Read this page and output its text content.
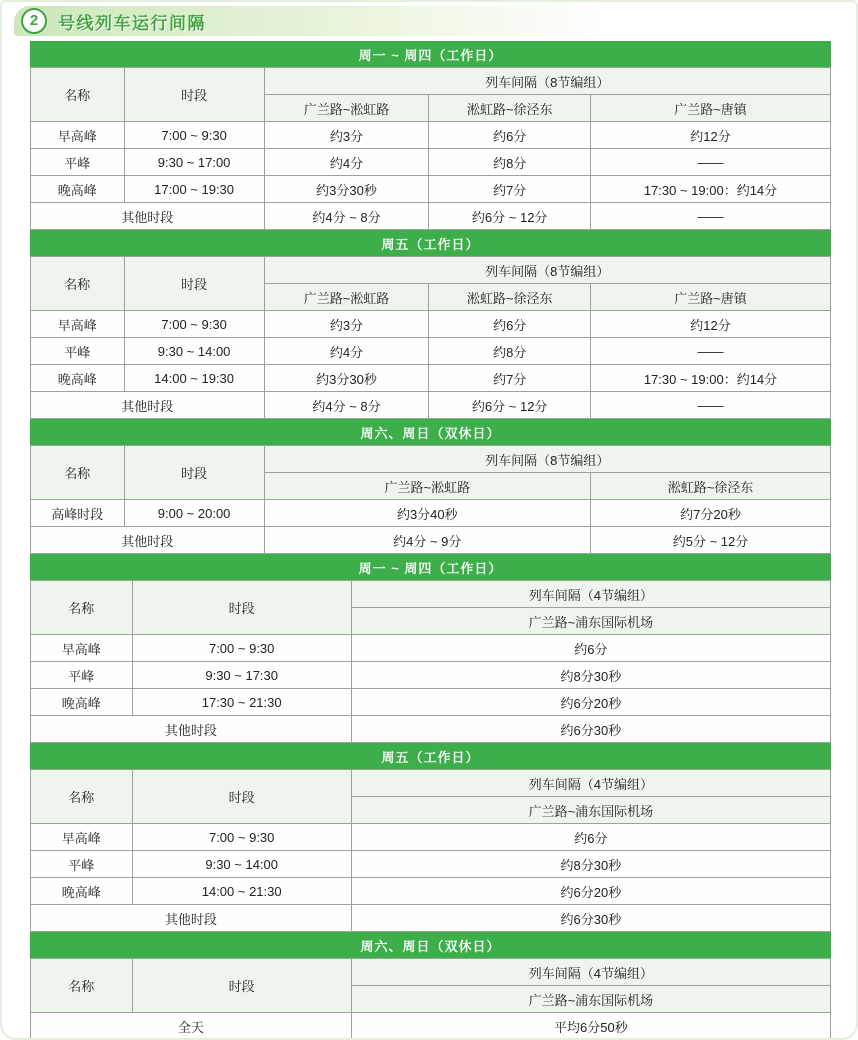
2	号线列车运行间隔
周一 ~ 周四（工作日）
名称	时段	列车间隔（8节编组）		
		广兰路~淞虹路	淞虹路~徐泾东	广兰路~唐镇
早高峰	7:00 ~ 9:30	约3分	约6分	约12分
平峰	9:30 ~ 17:00	约4分	约8分	——
晚高峰	17:00 ~ 19:30	约3分30秒	约7分	17:30 ~ 19:00：约14分
其他时段		约4分 ~ 8分	约6分 ~ 12分	——
周五（工作日）
名称	时段	列车间隔（8节编组）		
		广兰路~淞虹路	淞虹路~徐泾东	广兰路~唐镇
早高峰	7:00 ~ 9:30	约3分	约6分	约12分
平峰	9:30 ~ 14:00	约4分	约8分	——
晚高峰	14:00 ~ 19:30	约3分30秒	约7分	17:30 ~ 19:00：约14分
其他时段		约4分 ~ 8分	约6分 ~ 12分	——
周六、周日（双休日）
名称	时段	列车间隔（8节编组）	
		广兰路~淞虹路	淞虹路~徐泾东
高峰时段	9:00 ~ 20:00	约3分40秒	约7分20秒
其他时段		约4分 ~ 9分	约5分 ~ 12分
周一 ~ 周四（工作日）
名称	时段	列车间隔（4节编组）
		广兰路~浦东国际机场
早高峰	7:00 ~ 9:30	约6分
平峰	9:30 ~ 17:30	约8分30秒
晚高峰	17:30 ~ 21:30	约6分20秒
其他时段		约6分30秒
周五（工作日）
名称	时段	列车间隔（4节编组）
		广兰路~浦东国际机场
早高峰	7:00 ~ 9:30	约6分
平峰	9:30 ~ 14:00	约8分30秒
晚高峰	14:00 ~ 21:30	约6分20秒
其他时段		约6分30秒
周六、周日（双休日）
名称	时段	列车间隔（4节编组）
		广兰路~浦东国际机场
全天		平均6分50秒
